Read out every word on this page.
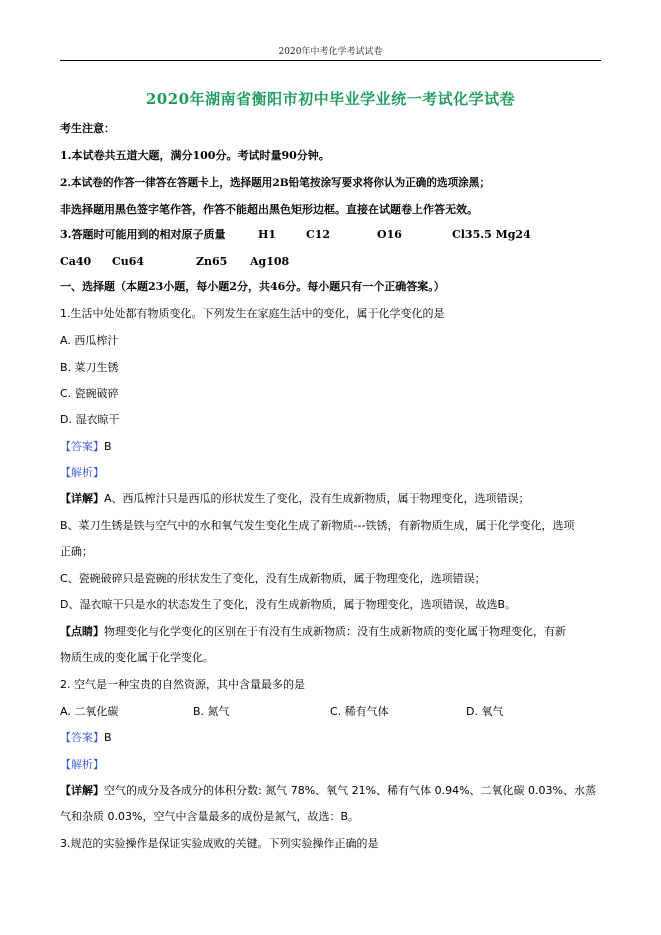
2020年中考化学考试试卷
2020年湖南省衡阳市初中毕业学业统一考试化学试卷
考生注意：
1.本试卷共五道大题，满分100分。考试时量90分钟。
2.本试卷的作答一律答在答题卡上，选择题用2B铅笔按涂写要求将你认为正确的选项涂黑；
非选择题用黑色签字笔作答，作答不能超出黑色矩形边框。直接在试题卷上作答无效。
3.答题时可能用到的相对原子质量	H1	C12	O16	Cl35.5 Mg24
Ca40 Cu64	Zn65 Ag108
一、选择题（本题23小题，每小题2分，共46分。每小题只有一个正确答案。）
1.生活中处处都有物质变化。下列发生在家庭生活中的变化，属于化学变化的是
A. 西瓜榨汁
B. 菜刀生锈
C. 瓷碗破碎
D. 湿衣晾干
【答案】B
【解析】
【详解】A、西瓜榨汁只是西瓜的形状发生了变化，没有生成新物质，属于物理变化，选项错误；
B、菜刀生锈是铁与空气中的水和氧气发生变化生成了新物质---铁锈，有新物质生成，属于化学变化，选项
正确；
C、瓷碗破碎只是瓷碗的形状发生了变化，没有生成新物质，属于物理变化，选项错误；
D、湿衣晾干只是水的状态发生了变化，没有生成新物质，属于物理变化，选项错误，故选B。
【点睛】物理变化与化学变化的区别在于有没有生成新物质：没有生成新物质的变化属于物理变化，有新
物质生成的变化属于化学变化。
2. 空气是一种宝贵的自然资源，其中含量最多的是
A. 二氧化碳	B. 氮气	C. 稀有气体	D. 氧气
【答案】B
【解析】
【详解】空气的成分及各成分的体积分数: 氮气 78%、氧气 21%、稀有气体 0.94%、二氧化碳 0.03%、水蒸
气和杂质 0.03%，空气中含量最多的成份是氮气，故选：B。
3.规范的实验操作是保证实验成败的关键。下列实验操作正确的是
